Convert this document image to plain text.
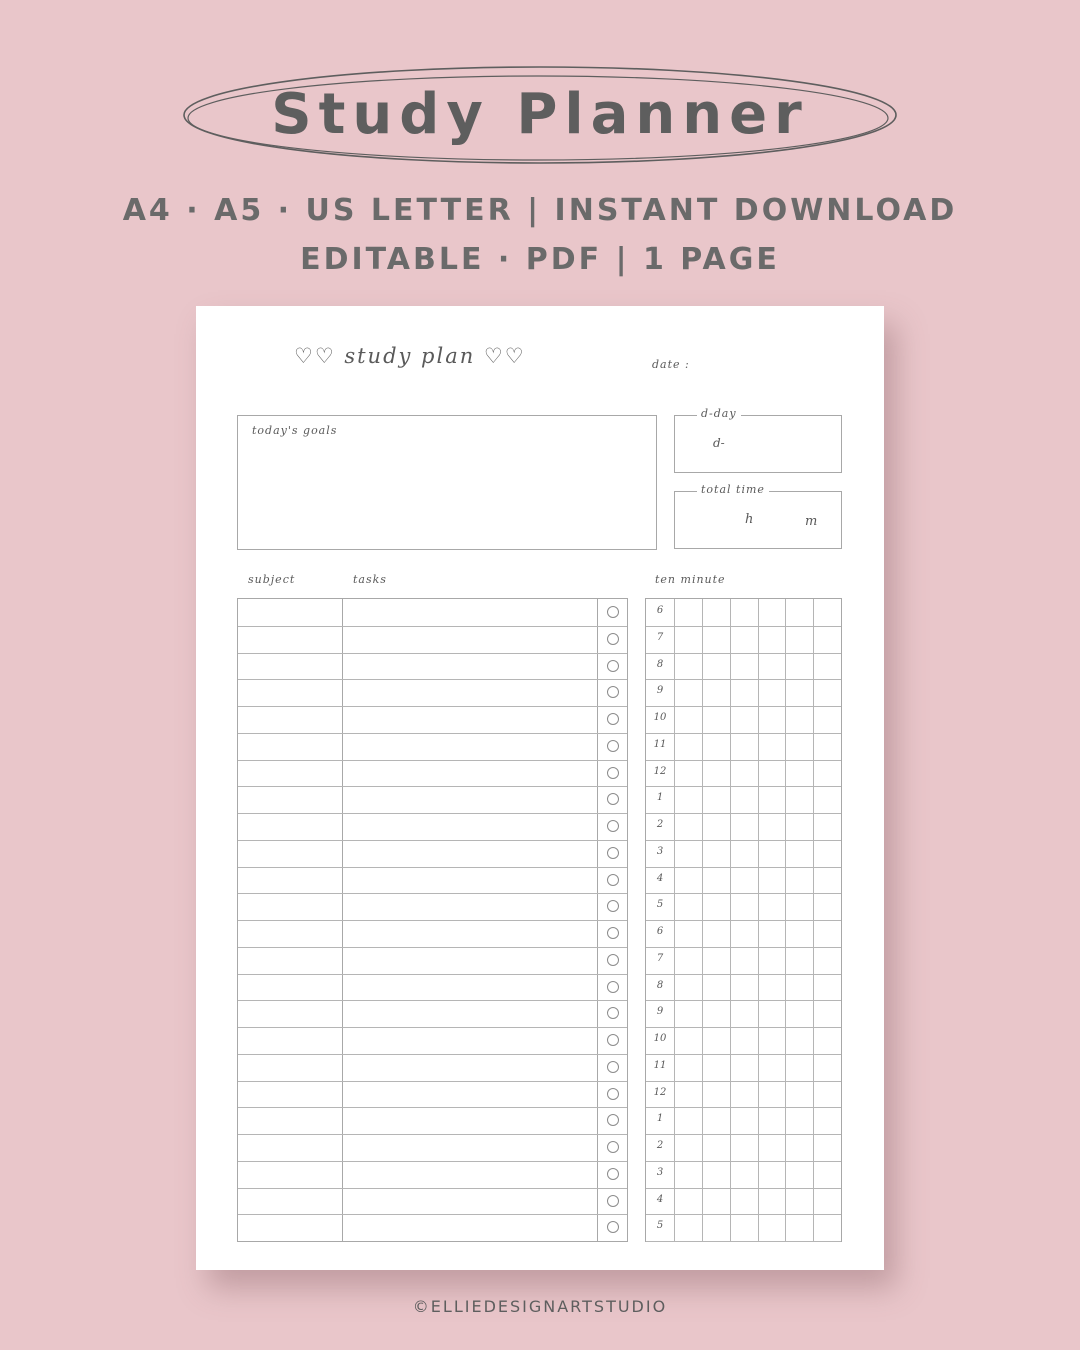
Study Planner
A4 · A5 · US LETTER | INSTANT DOWNLOAD
EDITABLE · PDF | 1 PAGE
♡♡ study plan ♡♡	date :
today's goals
d-day
d-
total time
h	m
subject	tasks	ten minute
6
7
8
9
10
11
12
1
2
3
4
5
6
7
8
9
10
11
12
1
2
3
4
5
©ELLIEDESIGNARTSTUDIO
